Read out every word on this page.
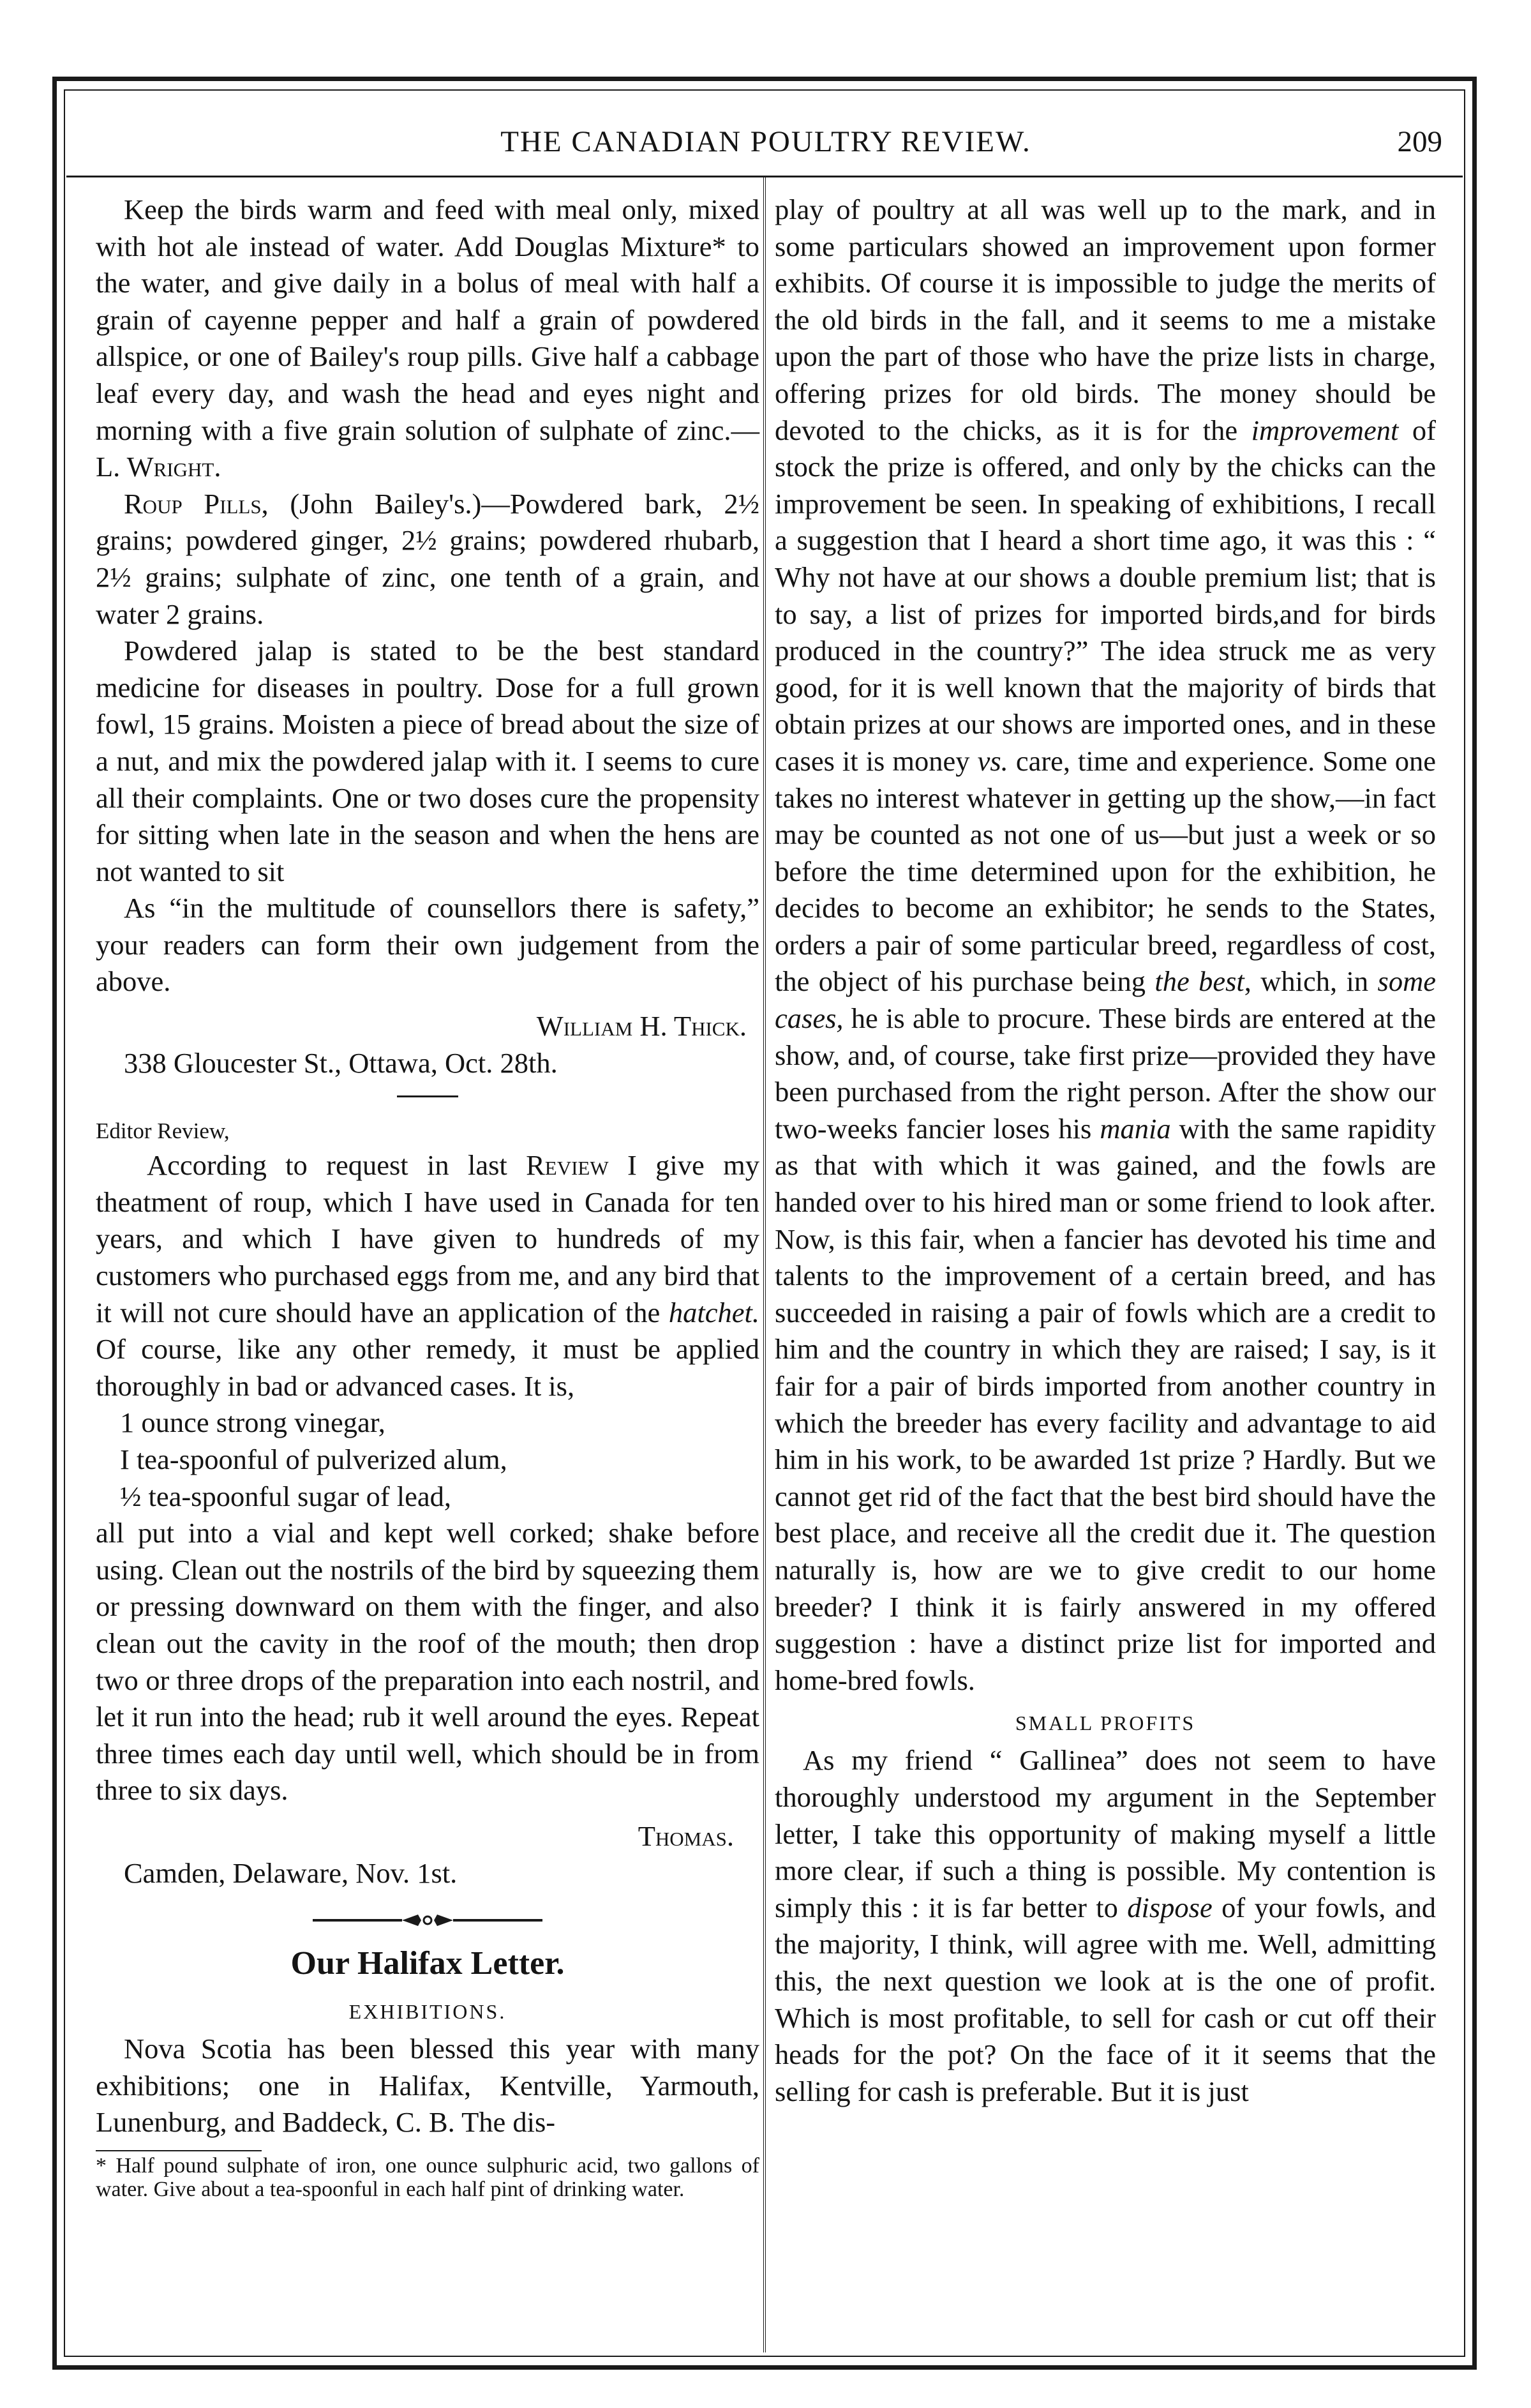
THE CANADIAN POULTRY REVIEW.	209

Keep the birds warm and feed with meal only, mixed with hot ale instead of water. Add Douglas Mixture* to the water, and give daily in a bolus of meal with half a grain of cayenne pepper and half a grain of powdered allspice, or one of Bailey's roup pills. Give half a cabbage leaf every day, and wash the head and eyes night and morning with a five grain solution of sulphate of zinc.—L. Wright.

Roup Pills, (John Bailey's.)—Powdered bark, 2½ grains; powdered ginger, 2½ grains; powdered rhubarb, 2½ grains; sulphate of zinc, one tenth of a grain, and water 2 grains.

Powdered jalap is stated to be the best standard medicine for diseases in poultry. Dose for a full grown fowl, 15 grains. Moisten a piece of bread about the size of a nut, and mix the powdered jalap with it. I seems to cure all their complaints. One or two doses cure the propensity for sitting when late in the season and when the hens are not wanted to sit

As “in the multitude of counsellors there is safety,” your readers can form their own judgement from the above.

William H. Thick.

338 Gloucester St., Ottawa, Oct. 28th.

Editor Review,

According to request in last Review I give my theatment of roup, which I have used in Canada for ten years, and which I have given to hundreds of my customers who purchased eggs from me, and any bird that it will not cure should have an application of the hatchet. Of course, like any other remedy, it must be applied thoroughly in bad or advanced cases. It is,

1 ounce strong vinegar,

I tea-spoonful of pulverized alum,

½ tea-spoonful sugar of lead,

all put into a vial and kept well corked; shake before using. Clean out the nostrils of the bird by squeezing them or pressing downward on them with the finger, and also clean out the cavity in the roof of the mouth; then drop two or three drops of the preparation into each nostril, and let it run into the head; rub it well around the eyes. Repeat three times each day until well, which should be in from three to six days.

Thomas.

Camden, Delaware, Nov. 1st.

Our Halifax Letter.
EXHIBITIONS.

Nova Scotia has been blessed this year with many exhibitions; one in Halifax, Kentville, Yarmouth, Lunenburg, and Baddeck, C. B. The dis-

* Half pound sulphate of iron, one ounce sulphuric acid, two gallons of water. Give about a tea-spoonful in each half pint of drinking water.

play of poultry at all was well up to the mark, and in some particulars showed an improvement upon former exhibits. Of course it is impossible to judge the merits of the old birds in the fall, and it seems to me a mistake upon the part of those who have the prize lists in charge, offering prizes for old birds. The money should be devoted to the chicks, as it is for the improvement of stock the prize is offered, and only by the chicks can the improvement be seen. In speaking of exhibitions, I recall a suggestion that I heard a short time ago, it was this : “ Why not have at our shows a double premium list; that is to say, a list of prizes for imported birds,and for birds produced in the country?” The idea struck me as very good, for it is well known that the majority of birds that obtain prizes at our shows are imported ones, and in these cases it is money vs. care, time and experience. Some one takes no interest whatever in getting up the show,—in fact may be counted as not one of us—but just a week or so before the time determined upon for the exhibition, he decides to become an exhibitor; he sends to the States, orders a pair of some particular breed, regardless of cost, the object of his purchase being the best, which, in some cases, he is able to procure. These birds are entered at the show, and, of course, take first prize—provided they have been purchased from the right person. After the show our two-weeks fancier loses his mania with the same rapidity as that with which it was gained, and the fowls are handed over to his hired man or some friend to look after. Now, is this fair, when a fancier has devoted his time and talents to the improvement of a certain breed, and has succeeded in raising a pair of fowls which are a credit to him and the country in which they are raised; I say, is it fair for a pair of birds imported from another country in which the breeder has every facility and advantage to aid him in his work, to be awarded 1st prize ? Hardly. But we cannot get rid of the fact that the best bird should have the best place, and receive all the credit due it. The question naturally is, how are we to give credit to our home breeder? I think it is fairly answered in my offered suggestion : have a distinct prize list for imported and home-bred fowls.

SMALL PROFITS

As my friend “ Gallinea” does not seem to have thoroughly understood my argument in the September letter, I take this opportunity of making myself a little more clear, if such a thing is possible. My contention is simply this : it is far better to dispose of your fowls, and the majority, I think, will agree with me. Well, admitting this, the next question we look at is the one of profit. Which is most profitable, to sell for cash or cut off their heads for the pot? On the face of it it seems that the selling for cash is preferable. But it is just
